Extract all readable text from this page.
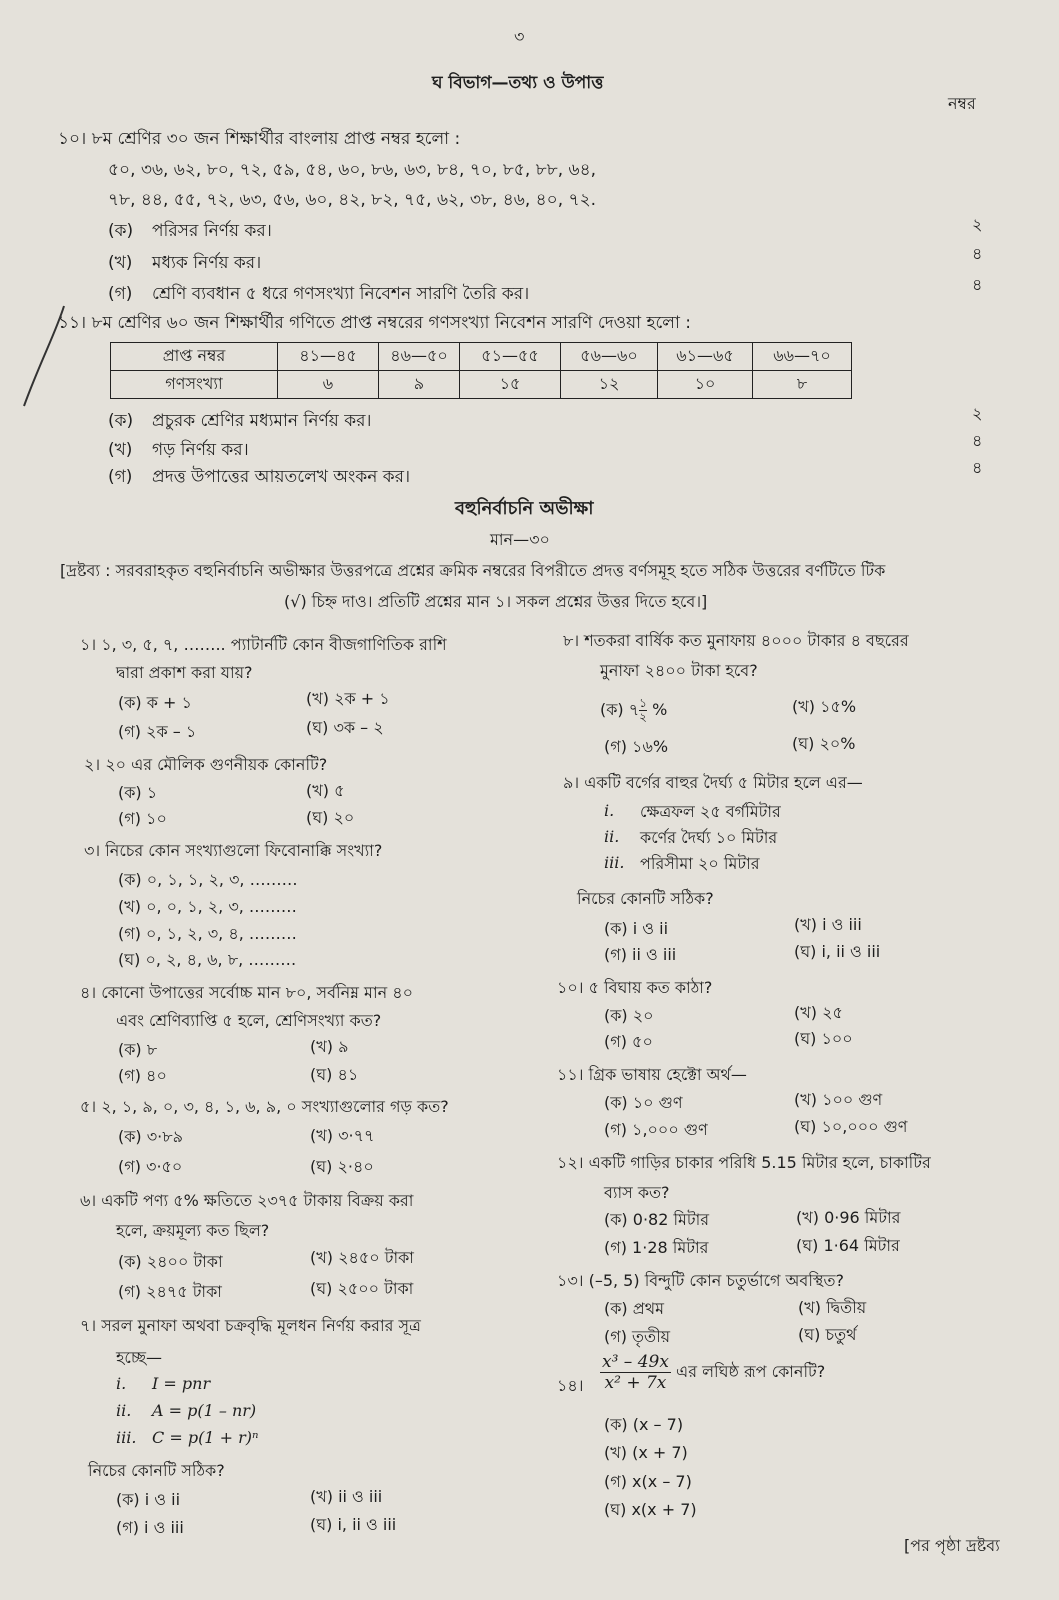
৩
ঘ বিভাগ—তথ্য ও উপাত্ত
নম্বর
১০। ৮ম শ্রেণির ৩০ জন শিক্ষার্থীর বাংলায় প্রাপ্ত নম্বর হলো :
৫০, ৩৬, ৬২, ৮০, ৭২, ৫৯, ৫৪, ৬০, ৮৬, ৬৩, ৮৪, ৭০, ৮৫, ৮৮, ৬৪,
৭৮, ৪৪, ৫৫, ৭২, ৬৩, ৫৬, ৬০, ৪২, ৮২, ৭৫, ৬২, ৩৮, ৪৬, ৪০, ৭২.
(ক) পরিসর নির্ণয় কর।	২
(খ) মধ্যক নির্ণয় কর।	৪
(গ) শ্রেণি ব্যবধান ৫ ধরে গণসংখ্যা নিবেশন সারণি তৈরি কর।	৪
১১। ৮ম শ্রেণির ৬০ জন শিক্ষার্থীর গণিতে প্রাপ্ত নম্বরের গণসংখ্যা নিবেশন সারণি দেওয়া হলো :
প্রাপ্ত নম্বর	৪১—৪৫	৪৬—৫০	৫১—৫৫	৫৬—৬০	৬১—৬৫	৬৬—৭০
গণসংখ্যা	৬	৯	১৫	১২	১০	৮
(ক) প্রচুরক শ্রেণির মধ্যমান নির্ণয় কর।	২
(খ) গড় নির্ণয় কর।	৪
(গ) প্রদত্ত উপাত্তের আয়তলেখ অংকন কর।	৪
বহুনির্বাচনি অভীক্ষা
মান—৩০
[দ্রষ্টব্য : সরবরাহকৃত বহুনির্বাচনি অভীক্ষার উত্তরপত্রে প্রশ্নের ক্রমিক নম্বরের বিপরীতে প্রদত্ত বর্ণসমূহ হতে সঠিক উত্তরের বর্ণটিতে টিক
(√) চিহ্ন দাও। প্রতিটি প্রশ্নের মান ১। সকল প্রশ্নের উত্তর দিতে হবে।]
১। ১, ৩, ৫, ৭, …….. প্যাটার্নটি কোন বীজগাণিতিক রাশি
দ্বারা প্রকাশ করা যায়?
(ক) ক + ১	(খ) ২ক + ১
(গ) ২ক – ১	(ঘ) ৩ক – ২
২। ২০ এর মৌলিক গুণনীয়ক কোনটি?
(ক) ১	(খ) ৫
(গ) ১০	(ঘ) ২০
৩। নিচের কোন সংখ্যাগুলো ফিবোনাক্কি সংখ্যা?
(ক) ০, ১, ১, ২, ৩, ………
(খ) ০, ০, ১, ২, ৩, ………
(গ) ০, ১, ২, ৩, ৪, ………
(ঘ) ০, ২, ৪, ৬, ৮, ………
৪। কোনো উপাত্তের সর্বোচ্চ মান ৮০, সর্বনিম্ন মান ৪০
এবং শ্রেণিব্যাপ্তি ৫ হলে, শ্রেণিসংখ্যা কত?
(ক) ৮	(খ) ৯
(গ) ৪০	(ঘ) ৪১
৫। ২, ১, ৯, ০, ৩, ৪, ১, ৬, ৯, ০ সংখ্যাগুলোর গড় কত?
(ক) ৩·৮৯	(খ) ৩·৭৭
(গ) ৩·৫০	(ঘ) ২·৪০
৬। একটি পণ্য ৫% ক্ষতিতে ২৩৭৫ টাকায় বিক্রয় করা
হলে, ক্রয়মূল্য কত ছিল?
(ক) ২৪০০ টাকা	(খ) ২৪৫০ টাকা
(গ) ২৪৭৫ টাকা	(ঘ) ২৫০০ টাকা
৭। সরল মুনাফা অথবা চক্রবৃদ্ধি মূলধন নির্ণয় করার সূত্র
হচ্ছে—
i. I = pnr
ii. A = p(1 – nr)
iii. C = p(1 + r)ⁿ
নিচের কোনটি সঠিক?
(ক) i ও ii	(খ) ii ও iii
(গ) i ও iii	(ঘ) i, ii ও iii
৮। শতকরা বার্ষিক কত মুনাফায় ৪০০০ টাকার ৪ বছরের
মুনাফা ২৪০০ টাকা হবে?
(ক) ৭ $\frac{১}{২}$ %	(খ) ১৫%
(গ) ১৬%	(ঘ) ২০%
৯। একটি বর্গের বাহুর দৈর্ঘ্য ৫ মিটার হলে এর—
i. ক্ষেত্রফল ২৫ বর্গমিটার
ii. কর্ণের দৈর্ঘ্য ১০ মিটার
iii. পরিসীমা ২০ মিটার
নিচের কোনটি সঠিক?
(ক) i ও ii	(খ) i ও iii
(গ) ii ও iii	(ঘ) i, ii ও iii
১০। ৫ বিঘায় কত কাঠা?
(ক) ২০	(খ) ২৫
(গ) ৫০	(ঘ) ১০০
১১। গ্রিক ভাষায় হেক্টো অর্থ—
(ক) ১০ গুণ	(খ) ১০০ গুণ
(গ) ১,০০০ গুণ	(ঘ) ১০,০০০ গুণ
১২। একটি গাড়ির চাকার পরিধি 5.15 মিটার হলে, চাকাটির
ব্যাস কত?
(ক) 0·82 মিটার	(খ) 0·96 মিটার
(গ) 1·28 মিটার	(ঘ) 1·64 মিটার
১৩। (–5, 5) বিন্দুটি কোন চতুর্ভাগে অবস্থিত?
(ক) প্রথম	(খ) দ্বিতীয়
(গ) তৃতীয়	(ঘ) চতুর্থ
১৪। $\frac{\text{x³ – 49x}}{\text{x² + 7x}}$ এর লঘিষ্ঠ রূপ কোনটি?
(ক) (x – 7)
(খ) (x + 7)
(গ) x(x – 7)
(ঘ) x(x + 7)
[পর পৃষ্ঠা দ্রষ্টব্য
